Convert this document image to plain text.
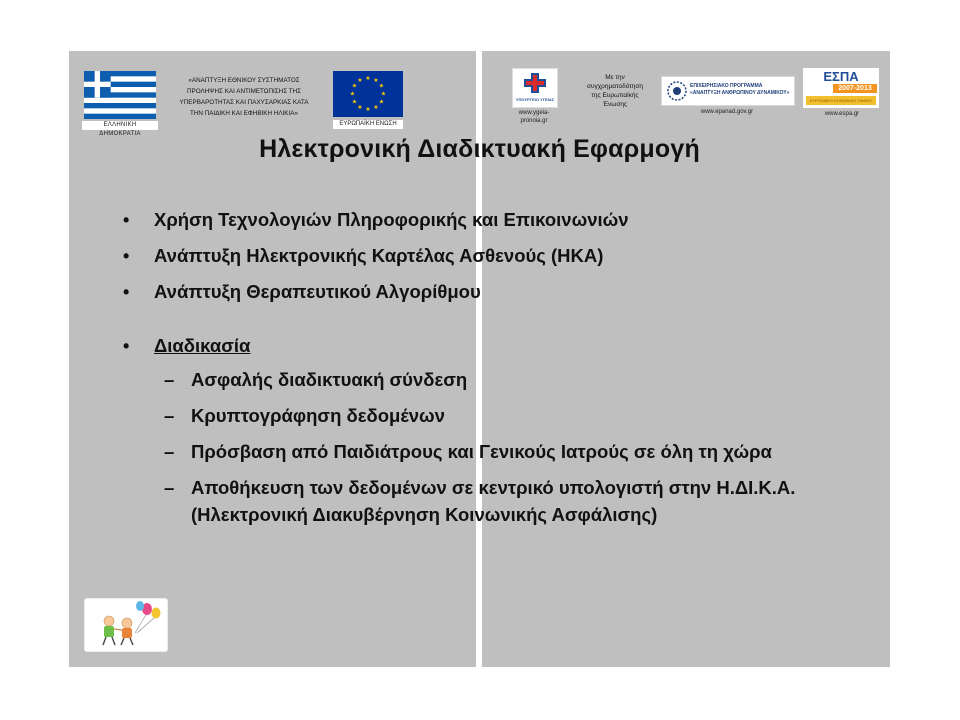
ΕΛΛΗΝΙΚΗ ΔΗΜΟΚΡΑΤΙΑ
«ΑΝΑΠΤΥΞΗ ΕΘΝΙΚΟΥ ΣΥΣΤΗΜΑΤΟΣ
ΠΡΟΛΗΨΗΣ ΚΑΙ ΑΝΤΙΜΕΤΩΠΙΣΗΣ ΤΗΣ
ΥΠΕΡΒΑΡΟΤΗΤΑΣ ΚΑΙ ΠΑΧΥΣΑΡΚΙΑΣ ΚΑΤΑ
ΤΗΝ ΠΑΙΔΙΚΗ ΚΑΙ ΕΦΗΒΙΚΗ ΗΛΙΚΙΑ»
★ ★
★
★
★
★
★
★
★
★
★
★
ΕΥΡΩΠΑΪΚΗ ΕΝΩΣΗ
ΥΠΟΥΡΓΕΙΟ ΥΓΕΙΑΣ
www.ygeia-
pronoia.gr
Με την
συγχρηματοδότηση
της Ευρωπαϊκής
Ένωσης
ΕΠΙΧΕΙΡΗΣΙΑΚΟ ΠΡΟΓΡΑΜΜΑ
«ΑΝΑΠΤΥΞΗ ΑΝΘΡΩΠΙΝΟΥ ΔΥΝΑΜΙΚΟΥ»
www.epanad.gov.gr
ΕΣΠΑ
2007-2013
ΕΥΡΩΠΑΪΚΟ ΚΟΙΝΩΝΙΚΟ ΤΑΜΕΙΟ
www.espa.gr
Ηλεκτρονική Διαδικτυακή Εφαρμογή
• Χρήση Τεχνολογιών Πληροφορικής και Επικοινωνιών
• Ανάπτυξη Ηλεκτρονικής Καρτέλας Ασθενούς (ΗΚΑ)
• Ανάπτυξη Θεραπευτικού Αλγορίθμου
• Διαδικασία
– Ασφαλής διαδικτυακή σύνδεση
– Κρυπτογράφηση δεδομένων
– Πρόσβαση από Παιδιάτρους και Γενικούς Ιατρούς σε όλη τη χώρα
– Αποθήκευση των δεδομένων σε κεντρικό υπολογιστή στην Η.ΔΙ.Κ.Α. (Ηλεκτρονική Διακυβέρνηση Κοινωνικής Ασφάλισης)
